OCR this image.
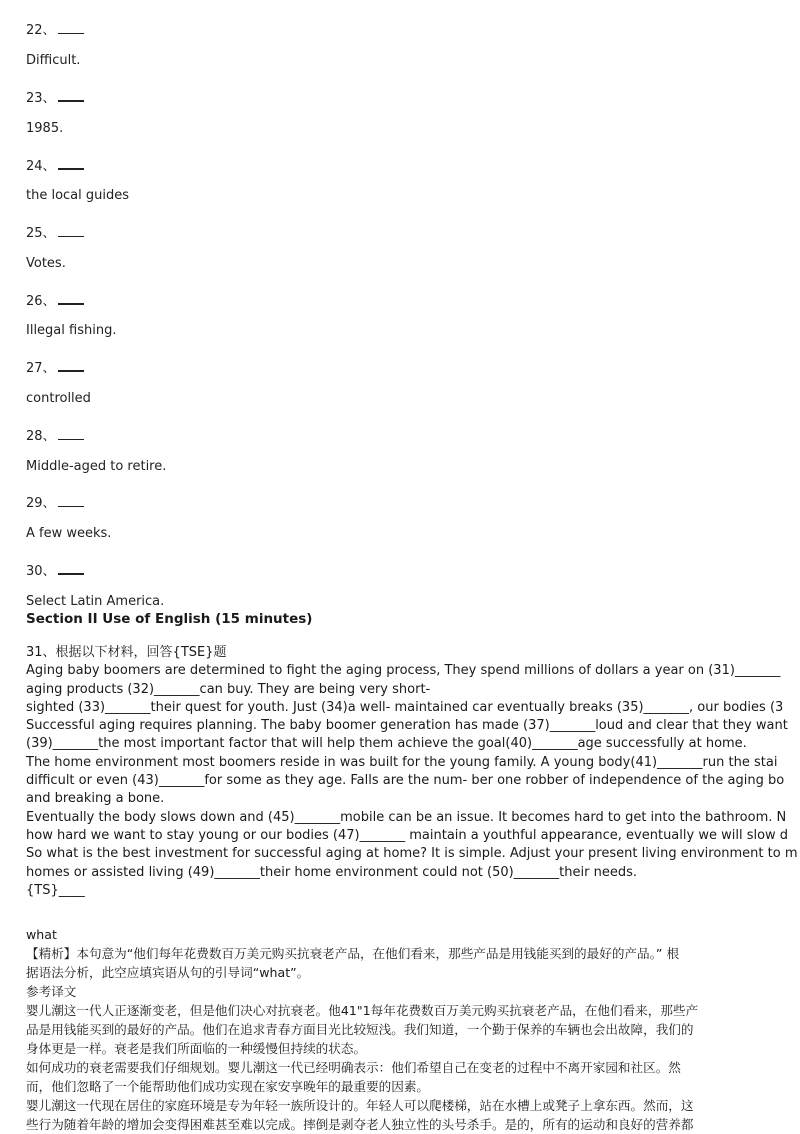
22、
Difficult.
23、
1985.
24、
the local guides
25、
Votes.
26、
Illegal fishing.
27、
controlled
28、
Middle-aged to retire.
29、
A few weeks.
30、
Select Latin America.
Section II Use of English (15 minutes)
31、根据以下材料，回答{TSE}题
Aging baby boomers are determined to fight the aging process, They spend millions of dollars a year on (31)_______
aging products (32)_______can buy. They are being very short-
sighted (33)_______their quest for youth. Just (34)a well- maintained car eventually breaks (35)_______, our bodies (3
Successful aging requires planning. The baby boomer generation has made (37)_______loud and clear that they want
(39)_______the most important factor that will help them achieve the goal(40)_______age successfully at home.
The home environment most boomers reside in was built for the young family. A young body(41)_______run the stai
difficult or even (43)_______for some as they age. Falls are the num- ber one robber of independence of the aging bo
and breaking a bone.
Eventually the body slows down and (45)_______mobile can be an issue. It becomes hard to get into the bathroom. N
how hard we want to stay young or our bodies (47)_______ maintain a youthful appearance, eventually we will slow d
So what is the best investment for successful aging at home? It is simple. Adjust your present living environment to m
homes or assisted living (49)_______their home environment could not (50)_______their needs.
{TS}____
what
【精析】本句意为“他们每年花费数百万美元购买抗衰老产品，在他们看来，那些产品是用钱能买到的最好的产品。” 根
据语法分析，此空应填宾语从句的引导词“what”。
参考译文
婴儿潮这一代人正逐渐变老，但是他们决心对抗衰老。他41"1每年花费数百万美元购买抗衰老产品，在他们看来，那些产
品是用钱能买到的最好的产品。他们在追求青春方面目光比较短浅。我们知道，一个勤于保养的车辆也会出故障，我们的
身体更是一样。衰老是我们所面临的一种缓慢但持续的状态。
如何成功的衰老需要我们仔细规划。婴儿潮这一代已经明确表示：他们希望自己在变老的过程中不离开家园和社区。然
而，他们忽略了一个能帮助他们成功实现在家安享晚年的最重要的因素。
婴儿潮这一代现在居住的家庭环境是专为年轻一族所设计的。年轻人可以爬楼梯，站在水槽上或凳子上拿东西。然而，这
些行为随着年龄的增加会变得困难甚至难以完成。摔倒是剥夺老人独立性的头号杀手。是的，所有的运动和良好的营养都
